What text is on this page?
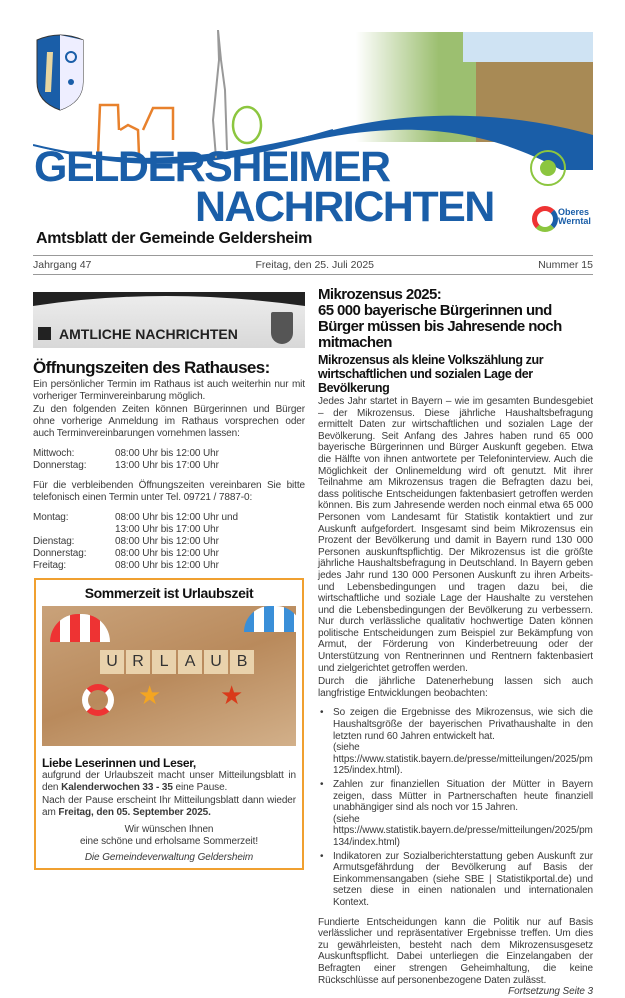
GELDERSHEIMER
NACHRICHTEN	Oberes Werntal
Amtsblatt der Gemeinde Geldersheim
Jahrgang 47	Freitag, den 25. Juli 2025	Nummer 15
AMTLICHE NACHRICHTEN
Öffnungszeiten des Rathauses:

Ein persönlicher Termin im Rathaus ist auch weiterhin nur mit vorheriger Terminvereinbarung möglich.

Zu den folgenden Zeiten können Bürgerinnen und Bürger ohne vorherige Anmeldung im Rathaus vorsprechen oder auch Terminvereinbarungen vornehmen lassen:

Mittwoch:	08:00 Uhr bis 12:00 Uhr
Donnerstag:	13:00 Uhr bis 17:00 Uhr

Für die verbleibenden Öffnungszeiten vereinbaren Sie bitte telefonisch einen Termin unter Tel. 09721 / 7887-0:

Montag:	08:00 Uhr bis 12:00 Uhr und
13:00 Uhr bis 17:00 Uhr
Dienstag:	08:00 Uhr bis 12:00 Uhr
Donnerstag:	08:00 Uhr bis 12:00 Uhr
Freitag:	08:00 Uhr bis 12:00 Uhr
Sommerzeit ist Urlaubszeit
U R L	A U B
★ ★
Liebe Leserinnen und Leser,

aufgrund der Urlaubszeit macht unser Mitteilungsblatt in den Kalenderwochen 33 - 35 eine Pause.

Nach der Pause erscheint Ihr Mitteilungsblatt dann wieder am Freitag, den 05. September 2025.

Wir wünschen Ihnen
eine schöne und erholsame Sommerzeit!
Die Gemeindeverwaltung Geldersheim
Mikrozensus 2025:
65 000 bayerische Bürgerinnen und Bürger müssen bis Jahresende noch mitmachen
Mikrozensus als kleine Volkszählung zur wirtschaftlichen und sozialen Lage der Bevölkerung

Jedes Jahr startet in Bayern – wie im gesamten Bundesgebiet – der Mikrozensus. Diese jährliche Haushaltsbefragung ermittelt Daten zur wirtschaftlichen und sozialen Lage der Bevölkerung. Seit Anfang des Jahres haben rund 65 000 bayerische Bürgerinnen und Bürger Auskunft gegeben. Etwa die Hälfte von ihnen antwortete per Telefoninterview. Auch die Möglichkeit der Onlinemeldung wird oft genutzt. Mit ihrer Teilnahme am Mikrozensus tragen die Befragten dazu bei, dass politische Entscheidungen faktenbasiert getroffen werden können. Bis zum Jahresende werden noch einmal etwa 65 000 Personen vom Landesamt für Statistik kontaktiert und zur Auskunft aufgefordert. Insgesamt sind beim Mikrozensus ein Prozent der Bevölkerung und damit in Bayern rund 130 000 Personen auskunftspflichtig. Der Mikrozensus ist die größte jährliche Haushaltsbefragung in Deutschland. In Bayern geben jedes Jahr rund 130 000 Personen Auskunft zu ihren Arbeits- und Lebensbedingungen und tragen dazu bei, die wirtschaftliche und soziale Lage der Haushalte zu verstehen und die Lebensbedingungen der Bevölkerung zu verbessern. Nur durch verlässliche qualitativ hochwertige Daten können politische Entscheidungen zum Beispiel zur Bekämpfung von Armut, der Förderung von Kinderbetreuung oder der Unterstützung von Rentnerinnen und Rentnern faktenbasiert und zielgerichtet getroffen werden.

Durch die jährliche Datenerhebung lassen sich auch langfristige Entwicklungen beobachten:

• So zeigen die Ergebnisse des Mikrozensus, wie sich die Haushaltsgröße der bayerischen Privathaushalte in den letzten rund 60 Jahren entwickelt hat.
(siehe https://www.statistik.bayern.de/presse/mitteilungen/2025/pm125/index.html).
• Zahlen zur finanziellen Situation der Mütter in Bayern zeigen, dass Mütter in Partnerschaften heute finanziell unabhängiger sind als noch vor 15 Jahren.
(siehe https://www.statistik.bayern.de/presse/mitteilungen/2025/pm134/index.html)
• Indikatoren zur Sozialberichterstattung geben Auskunft zur Armutsgefährdung der Bevölkerung auf Basis der Einkommensangaben (siehe SBE | Statistikportal.de) und setzen diese in einen nationalen und internationalen Kontext.

Fundierte Entscheidungen kann die Politik nur auf Basis verlässlicher und repräsentativer Ergebnisse treffen. Um dies zu gewährleisten, besteht nach dem Mikrozensusgesetz Auskunftspflicht. Dabei unterliegen die Einzelangaben der Befragten einer strengen Geheimhaltung, die keine Rückschlüsse auf personenbezogene Daten zulässt.
Fortsetzung Seite 3
